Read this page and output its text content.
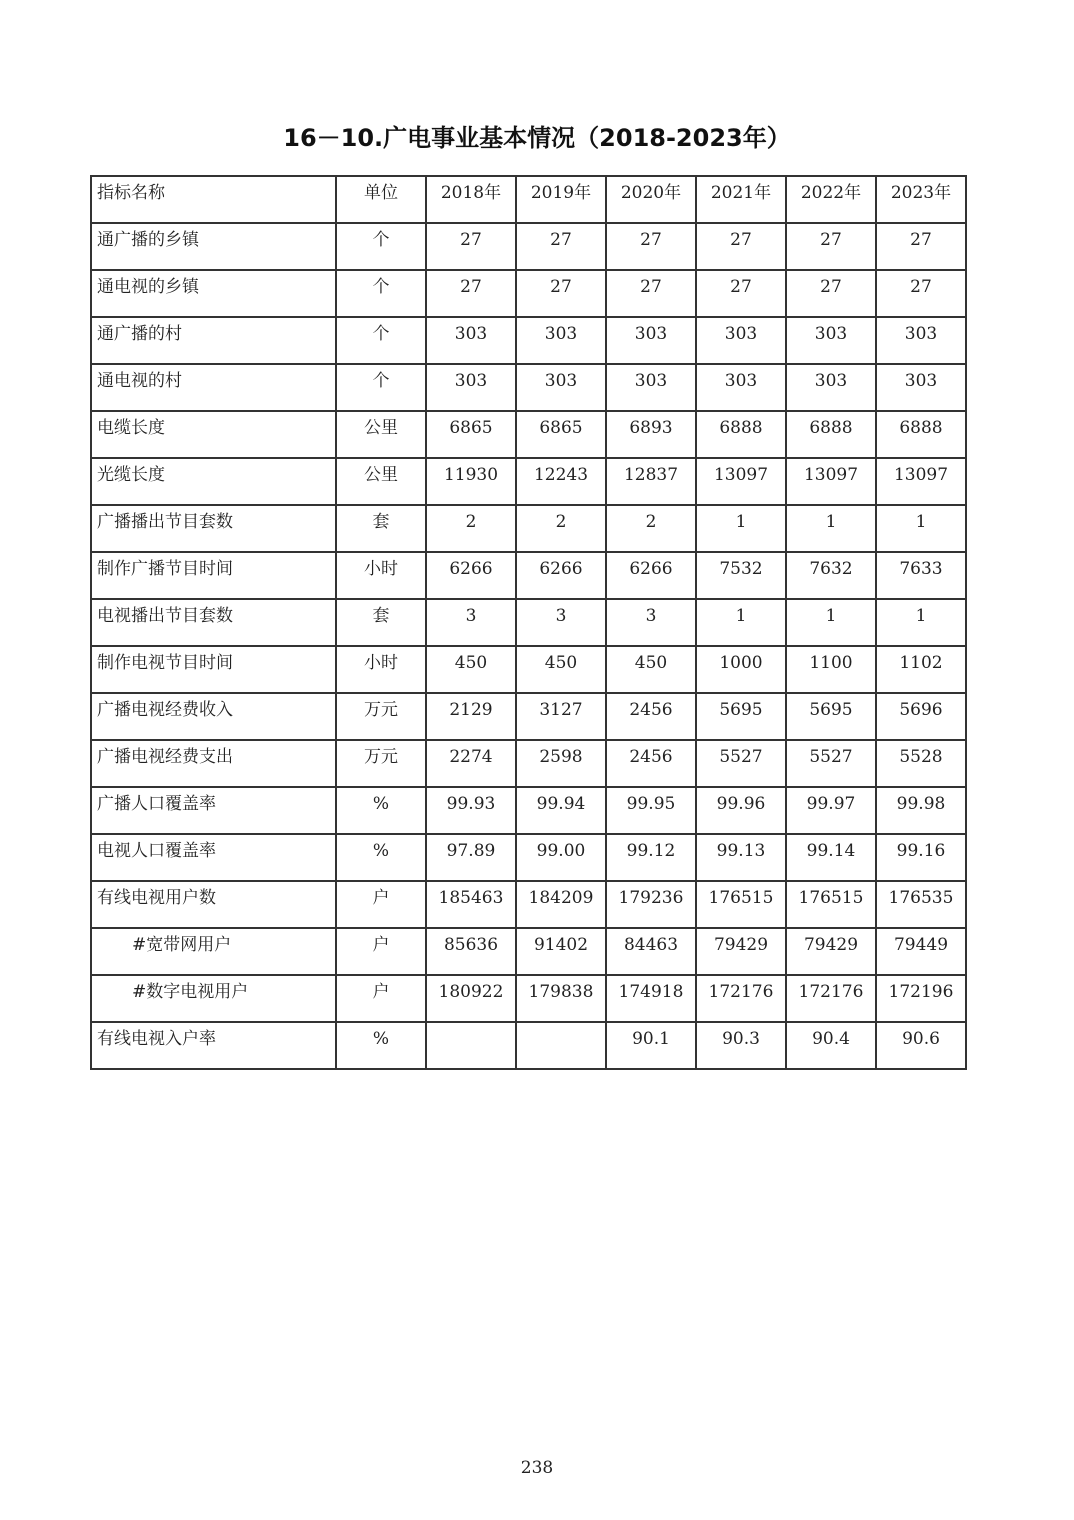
16－10.广电事业基本情况（2018-2023年）
指标名称	单位	2018年	2019年	2020年	2021年	2022年	2023年
通广播的乡镇	个	27	27	27	27	27	27
通电视的乡镇	个	27	27	27	27	27	27
通广播的村	个	303	303	303	303	303	303
通电视的村	个	303	303	303	303	303	303
电缆长度	公里	6865	6865	6893	6888	6888	6888
光缆长度	公里	11930	12243	12837	13097	13097	13097
广播播出节目套数	套	2	2	2	1	1	1
制作广播节目时间	小时	6266	6266	6266	7532	7632	7633
电视播出节目套数	套	3	3	3	1	1	1
制作电视节目时间	小时	450	450	450	1000	1100	1102
广播电视经费收入	万元	2129	3127	2456	5695	5695	5696
广播电视经费支出	万元	2274	2598	2456	5527	5527	5528
广播人口覆盖率	%	99.93	99.94	99.95	99.96	99.97	99.98
电视人口覆盖率	%	97.89	99.00	99.12	99.13	99.14	99.16
有线电视用户数	户	185463	184209	179236	176515	176515	176535
#宽带网用户	户	85636	91402	84463	79429	79429	79449
#数字电视用户	户	180922	179838	174918	172176	172176	172196
有线电视入户率	%			90.1	90.3	90.4	90.6
238
